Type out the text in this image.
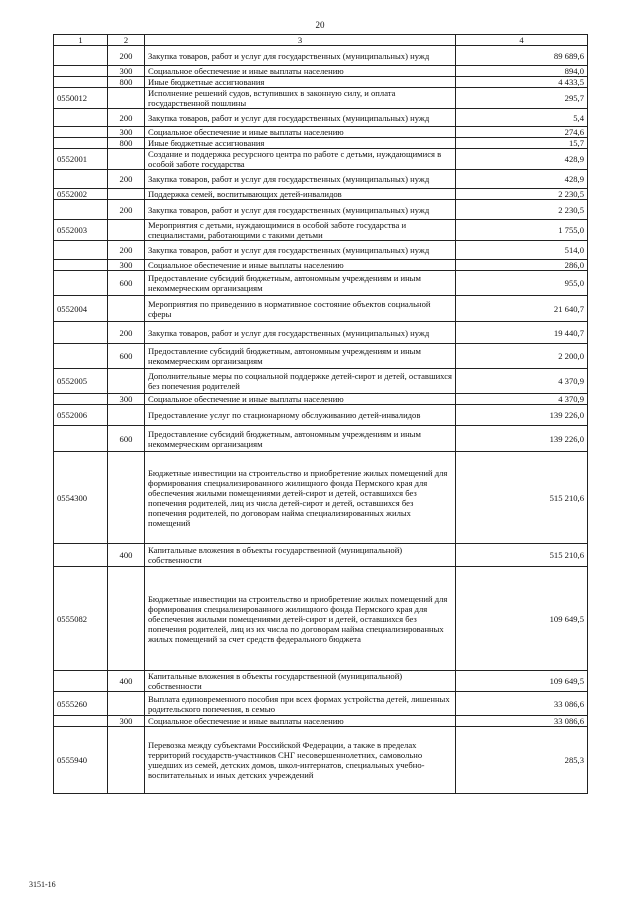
20
1	2	3	4
	200	Закупка товаров, работ и услуг для государственных (муниципальных) нужд	89 689,6
	300	Социальное обеспечение и иные выплаты населению	894,0
	800	Иные бюджетные ассигнования	4 433,5
0550012		Исполнение решений судов, вступивших в законную силу, и оплата государственной пошлины	295,7
	200	Закупка товаров, работ и услуг для государственных (муниципальных) нужд	5,4
	300	Социальное обеспечение и иные выплаты населению	274,6
	800	Иные бюджетные ассигнования	15,7
0552001		Создание и поддержка ресурсного центра по работе с детьми, нуждающимися в особой заботе государства	428,9
	200	Закупка товаров, работ и услуг для государственных (муниципальных) нужд	428,9
0552002		Поддержка семей, воспитывающих детей-инвалидов	2 230,5
	200	Закупка товаров, работ и услуг для государственных (муниципальных) нужд	2 230,5
0552003		Мероприятия с детьми, нуждающимися в особой заботе государства и специалистами, работающими с такими детьми	1 755,0
	200	Закупка товаров, работ и услуг для государственных (муниципальных) нужд	514,0
	300	Социальное обеспечение и иные выплаты населению	286,0
	600	Предоставление субсидий бюджетным, автономным учреждениям и иным некоммерческим организациям	955,0
0552004		Мероприятия по приведению в нормативное состояние объектов социальной сферы	21 640,7
	200	Закупка товаров, работ и услуг для государственных (муниципальных) нужд	19 440,7
	600	Предоставление субсидий бюджетным, автономным учреждениям и иным некоммерческим организациям	2 200,0
0552005		Дополнительные меры по социальной поддержке детей-сирот и детей, оставшихся без попечения родителей	4 370,9
	300	Социальное обеспечение и иные выплаты населению	4 370,9
0552006		Предоставление услуг по стационарному обслуживанию детей-инвалидов	139 226,0
	600	Предоставление субсидий бюджетным, автономным учреждениям и иным некоммерческим организациям	139 226,0
0554300		Бюджетные инвестиции на строительство и приобретение жилых помещений для формирования специализированного жилищного фонда Пермского края для обеспечения жилыми помещениями детей-сирот и детей, оставшихся без попечения родителей, лиц из числа детей-сирот и детей, оставшихся без попечения родителей, по договорам найма специализированных жилых помещений	515 210,6
	400	Капитальные вложения в объекты государственной (муниципальной) собственности	515 210,6
0555082		Бюджетные инвестиции на строительство и приобретение жилых помещений для формирования специализированного жилищного фонда Пермского края для обеспечения жилыми помещениями детей-сирот и детей, оставшихся без попечения родителей, лиц из их числа по договорам найма специализированных жилых помещений за счет средств федерального бюджета	109 649,5
	400	Капитальные вложения в объекты государственной (муниципальной) собственности	109 649,5
0555260		Выплата единовременного пособия при всех формах устройства детей, лишенных родительского попечения, в семью	33 086,6
	300	Социальное обеспечение и иные выплаты населению	33 086,6
0555940		Перевозка между субъектами Российской Федерации, а также в пределах территорий государств-участников СНГ несовершеннолетних, самовольно ушедших из семей, детских домов, школ-интернатов, специальных учебно-воспитательных и иных детских учреждений	285,3
3151-16
